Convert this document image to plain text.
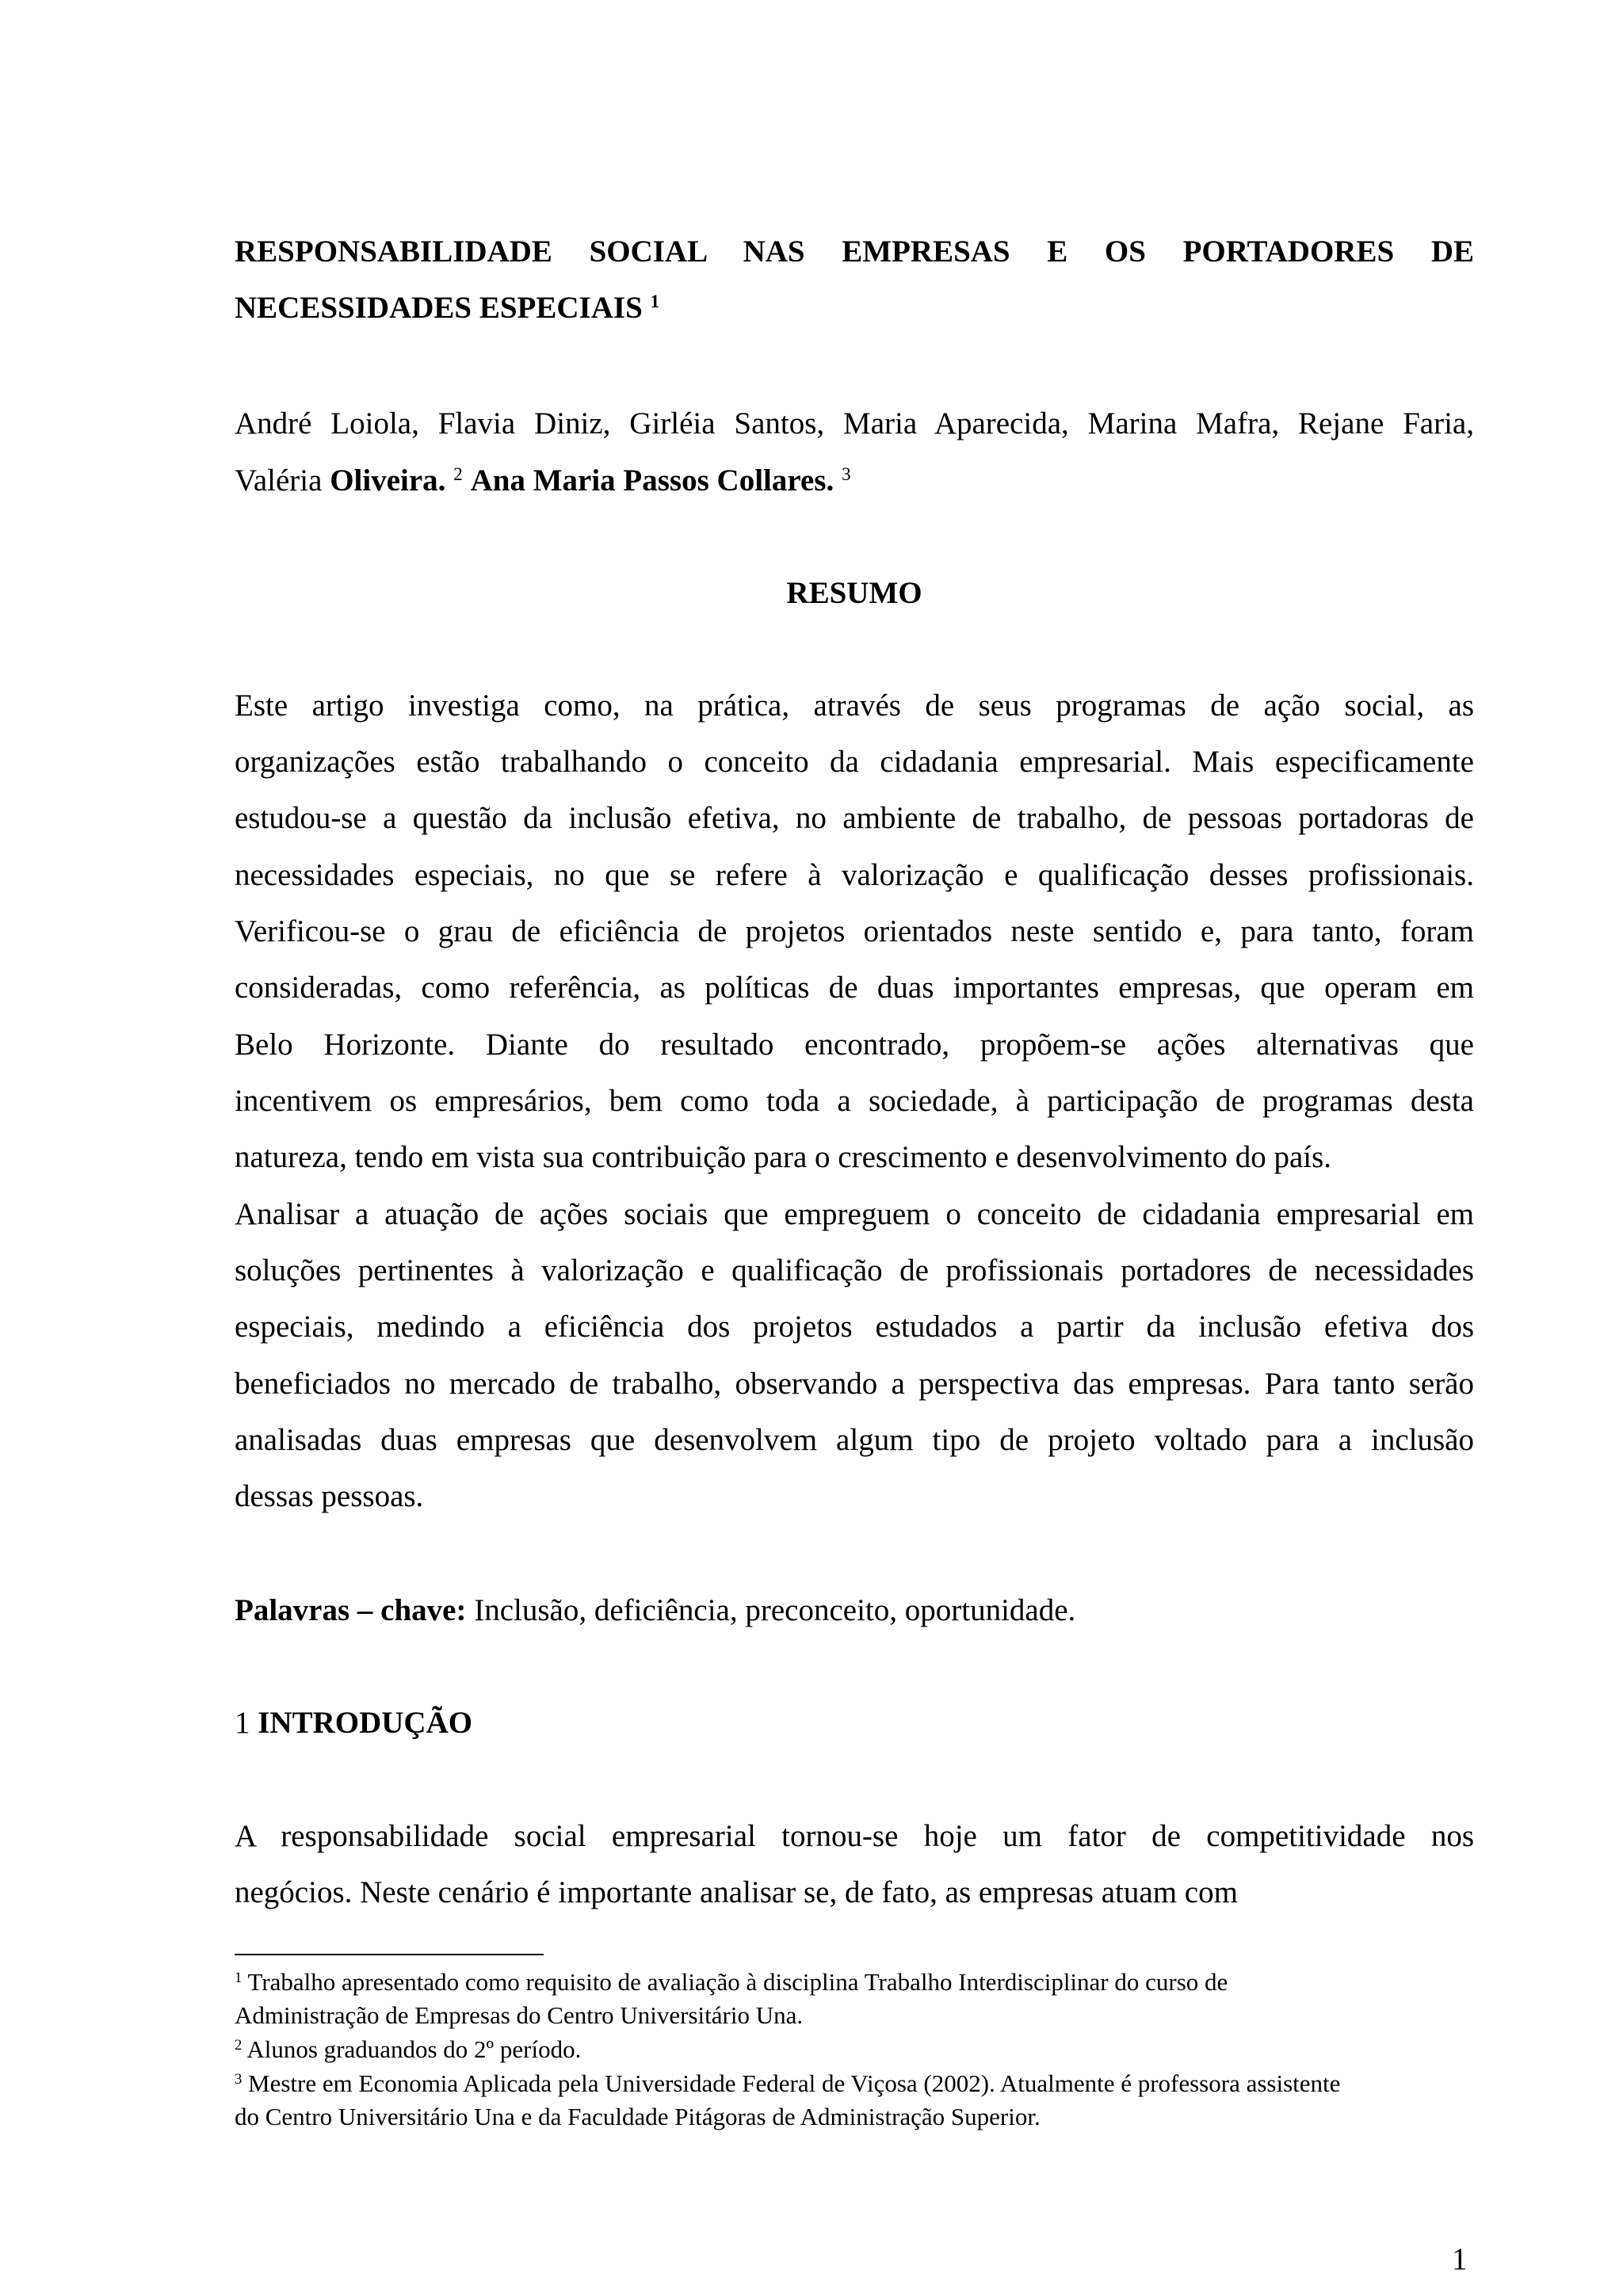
RESPONSABILIDADE SOCIAL NAS EMPRESAS E OS PORTADORES DE
NECESSIDADES ESPECIAIS $^1$
André Loiola, Flavia Diniz, Girléia Santos, Maria Aparecida, Marina Mafra, Rejane Faria,
Valéria Oliveira. $^2$ Ana Maria Passos Collares. $^3$
RESUMO
Este artigo investiga como, na prática, através de seus programas de ação social, as
organizações estão trabalhando o conceito da cidadania empresarial. Mais especificamente
estudou-se a questão da inclusão efetiva, no ambiente de trabalho, de pessoas portadoras de
necessidades especiais, no que se refere à valorização e qualificação desses profissionais.
Verificou-se o grau de eficiência de projetos orientados neste sentido e, para tanto, foram
consideradas, como referência, as políticas de duas importantes empresas, que operam em
Belo Horizonte. Diante do resultado encontrado, propõem-se ações alternativas que
incentivem os empresários, bem como toda a sociedade, à participação de programas desta
natureza, tendo em vista sua contribuição para o crescimento e desenvolvimento do país.
Analisar a atuação de ações sociais que empreguem o conceito de cidadania empresarial em
soluções pertinentes à valorização e qualificação de profissionais portadores de necessidades
especiais, medindo a eficiência dos projetos estudados a partir da inclusão efetiva dos
beneficiados no mercado de trabalho, observando a perspectiva das empresas. Para tanto serão
analisadas duas empresas que desenvolvem algum tipo de projeto voltado para a inclusão
dessas pessoas.
Palavras – chave: Inclusão, deficiência, preconceito, oportunidade.
1 INTRODUÇÃO
A responsabilidade social empresarial tornou-se hoje um fator de competitividade nos
negócios. Neste cenário é importante analisar se, de fato, as empresas atuam com
$^1$ Trabalho apresentado como requisito de avaliação à disciplina Trabalho Interdisciplinar do curso de
Administração de Empresas do Centro Universitário Una.
$^2$ Alunos graduandos do 2º período.
$^3$ Mestre em Economia Aplicada pela Universidade Federal de Viçosa (2002). Atualmente é professora assistente
do Centro Universitário Una e da Faculdade Pitágoras de Administração Superior.
1
